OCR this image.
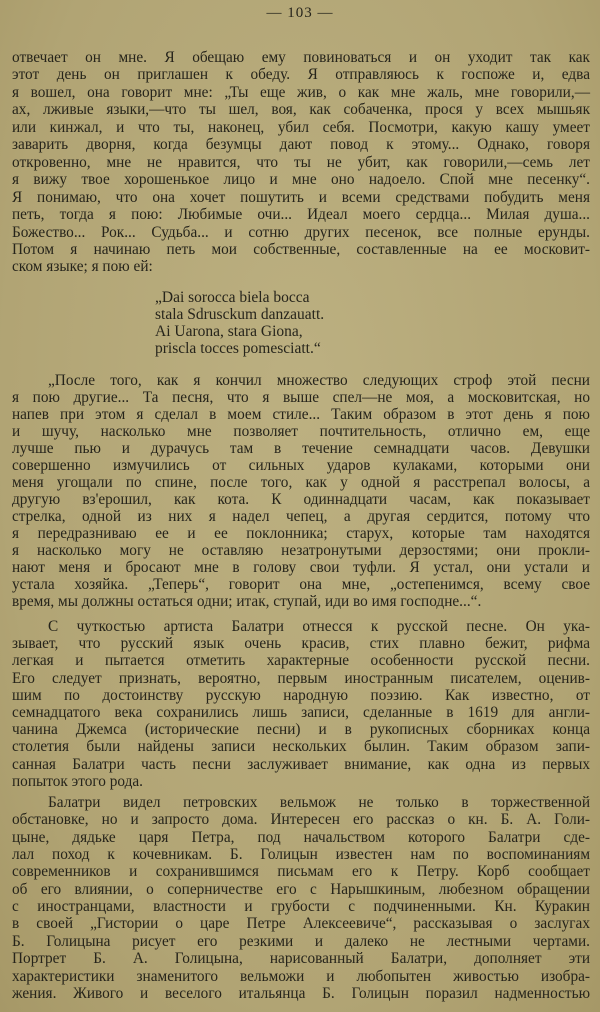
— 103 —
отвечает он мне. Я обещаю ему повиноваться и он уходит так как
этот день он приглашен к обеду. Я отправляюсь к госпоже и, едва
я вошел, она говорит мне: „Ты еще жив, о как мне жаль, мне говорили,—
ах, лживые языки,—что ты шел, воя, как собаченка, прося у всех мышьяк
или кинжал, и что ты, наконец, убил себя. Посмотри, какую кашу умеет
заварить дворня, когда безумцы дают повод к этому... Однако, говоря
откровенно, мне не нравится, что ты не убит, как говорили,—семь лет
я вижу твое хорошенькое лицо и мне оно надоело. Спой мне песенку“.
Я понимаю, что она хочет пошутить и всеми средствами побудить меня
петь, тогда я пою: Любимые очи... Идеал моего сердца... Милая душа...
Божество... Рок... Судьба... и сотню других песенок, все полные ерунды.
Потом я начинаю петь мои собственные, составленные на ее московит-
ском языке; я пою ей:
„Dai sorocca biela bocca
stala Sdrusckum danzauatt.
Ai Uarona, stara Giona,
priscla tocces pomesciatt.“
„После того, как я кончил множество следующих строф этой песни
я пою другие... Та песня, что я выше спел—не моя, а московитская, но
напев при этом я сделал в моем стиле... Таким образом в этот день я пою
и шучу, насколько мне позволяет почтительность, отлично ем, еще
лучше пью и дурачусь там в течение семнадцати часов. Девушки
совершенно измучились от сильных ударов кулаками, которыми они
меня угощали по спине, после того, как у одной я расстрепал волосы, а
другую вз'ерошил, как кота. К одиннадцати часам, как показывает
стрелка, одной из них я надел чепец, а другая сердится, потому что
я передразниваю ее и ее поклонника; старух, которые там находятся
я насколько могу не оставляю незатронутыми дерзостями; они прокли-
нают меня и бросают мне в голову свои туфли. Я устал, они устали и
устала хозяйка. „Теперь“, говорит она мне, „остепенимся, всему свое
время, мы должны остаться одни; итак, ступай, иди во имя господне...“.
С чуткостью артиста Балатри отнесся к русской песне. Он ука-
зывает, что русский язык очень красив, стих плавно бежит, рифма
легкая и пытается отметить характерные особенности русской песни.
Его следует признать, вероятно, первым иностранным писателем, оценив-
шим по достоинству русскую народную поэзию. Как известно, от
семнадцатого века сохранились лишь записи, сделанные в 1619 для англи-
чанина Джемса (исторические песни) и в рукописных сборниках конца
столетия были найдены записи нескольких былин. Таким образом запи-
санная Балатри часть песни заслуживает внимание, как одна из первых
попыток этого рода.
Балатри видел петровских вельмож не только в торжественной
обстановке, но и запросто дома. Интересен его рассказ о кн. Б. А. Голи-
цыне, дядьке царя Петра, под начальством которого Балатри сде-
лал поход к кочевникам. Б. Голицын известен нам по воспоминаниям
современников и сохранившимся письмам его к Петру. Корб сообщает
об его влиянии, о соперничестве его с Нарышкиным, любезном обращении
с иностранцами, властности и грубости с подчиненными. Кн. Куракин
в своей „Гистории о царе Петре Алексеевиче“, рассказывая о заслугах
Б. Голицына рисует его резкими и далеко не лестными чертами.
Портрет Б. А. Голицына, нарисованный Балатри, дополняет эти
характеристики знаменитого вельможи и любопытен живостью изобра-
жения. Живого и веселого итальянца Б. Голицын поразил надменностью
